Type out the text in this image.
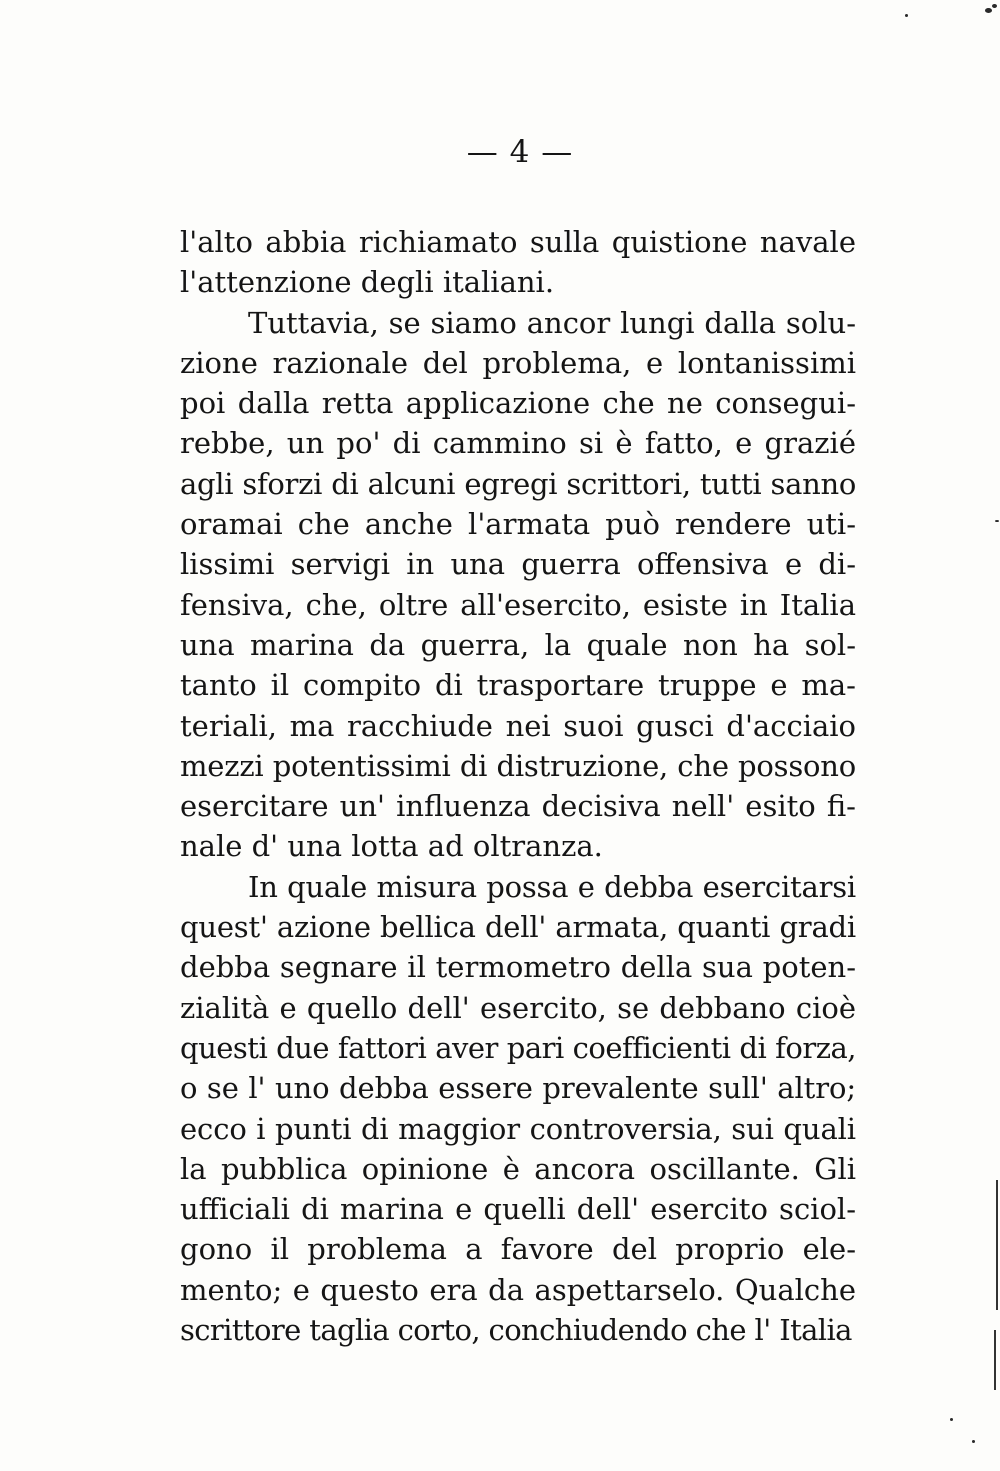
— 4 —
l'alto abbia richiamato sulla quistione navale
l'attenzione degli italiani.
Tuttavia, se siamo ancor lungi dalla solu-
zione razionale del problema, e lontanissimi
poi dalla retta applicazione che ne consegui-
rebbe, un po' di cammino si è fatto, e grazié
agli sforzi di alcuni egregi scrittori, tutti sanno
oramai che anche l'armata può rendere uti-
lissimi servigi in una guerra offensiva e di-
fensiva, che, oltre all'esercito, esiste in Italia
una marina da guerra, la quale non ha sol-
tanto il compito di trasportare truppe e ma-
teriali, ma racchiude nei suoi gusci d'acciaio
mezzi potentissimi di distruzione, che possono
esercitare un' influenza decisiva nell' esito fi-
nale d' una lotta ad oltranza.
In quale misura possa e debba esercitarsi
quest' azione bellica dell' armata, quanti gradi
debba segnare il termometro della sua poten-
zialità e quello dell' esercito, se debbano cioè
questi due fattori aver pari coefficienti di forza,
o se l' uno debba essere prevalente sull' altro;
ecco i punti di maggior controversia, sui quali
la pubblica opinione è ancora oscillante. Gli
ufficiali di marina e quelli dell' esercito sciol-
gono il problema a favore del proprio ele-
mento; e questo era da aspettarselo. Qualche
scrittore taglia corto, conchiudendo che l' Italia
